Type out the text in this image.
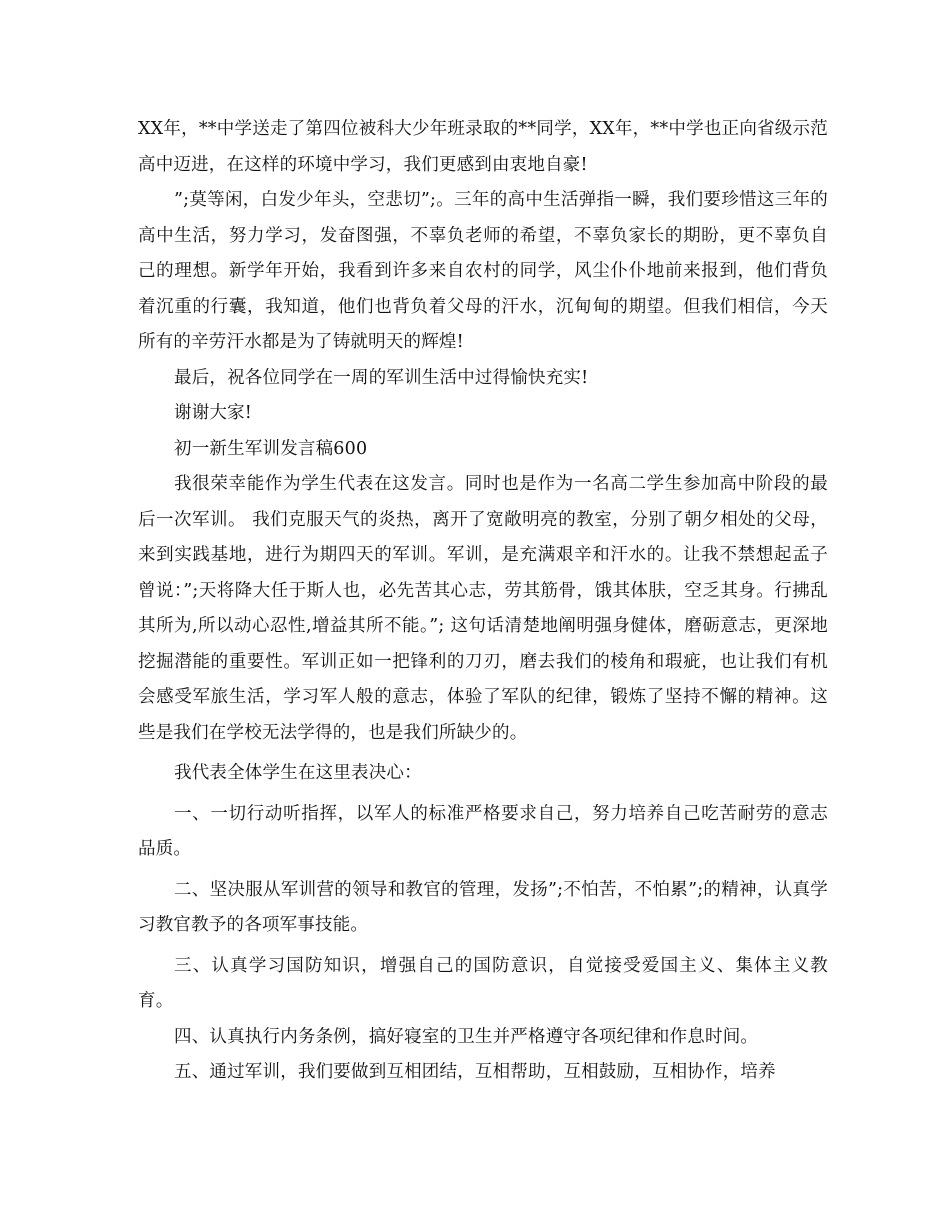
XX年，**中学送走了第四位被科大少年班录取的**同学，XX年，**中学也正向省级示范高中迈进，在这样的环境中学习，我们更感到由衷地自豪!

”;莫等闲，白发少年头，空悲切”;。三年的高中生活弹指一瞬，我们要珍惜这三年的高中生活，努力学习，发奋图强，不辜负老师的希望，不辜负家长的期盼，更不辜负自己的理想。新学年开始，我看到许多来自农村的同学，风尘仆仆地前来报到，他们背负着沉重的行囊，我知道，他们也背负着父母的汗水，沉甸甸的期望。但我们相信，今天所有的辛劳汗水都是为了铸就明天的辉煌!

最后，祝各位同学在一周的军训生活中过得愉快充实!

谢谢大家!

初一新生军训发言稿600

我很荣幸能作为学生代表在这发言。同时也是作为一名高二学生参加高中阶段的最后一次军训。 我们克服天气的炎热，离开了宽敞明亮的教室，分别了朝夕相处的父母，来到实践基地，进行为期四天的军训。军训，是充满艰辛和汗水的。让我不禁想起孟子曾说：”;天将降大任于斯人也，必先苦其心志，劳其筋骨，饿其体肤，空乏其身。行拂乱其所为,所以动心忍性,增益其所不能。”; 这句话清楚地阐明强身健体，磨砺意志，更深地挖掘潜能的重要性。军训正如一把锋利的刀刃，磨去我们的棱角和瑕疵，也让我们有机会感受军旅生活，学习军人般的意志，体验了军队的纪律，锻炼了坚持不懈的精神。这些是我们在学校无法学得的，也是我们所缺少的。

我代表全体学生在这里表决心：

一、一切行动听指挥，以军人的标准严格要求自己，努力培养自己吃苦耐劳的意志品质。

二、坚决服从军训营的领导和教官的管理，发扬”;不怕苦，不怕累”;的精神，认真学习教官教予的各项军事技能。

三、认真学习国防知识，增强自己的国防意识，自觉接受爱国主义、集体主义教育。

四、认真执行内务条例，搞好寝室的卫生并严格遵守各项纪律和作息时间。

五、通过军训，我们要做到互相团结，互相帮助，互相鼓励，互相协作，培养
